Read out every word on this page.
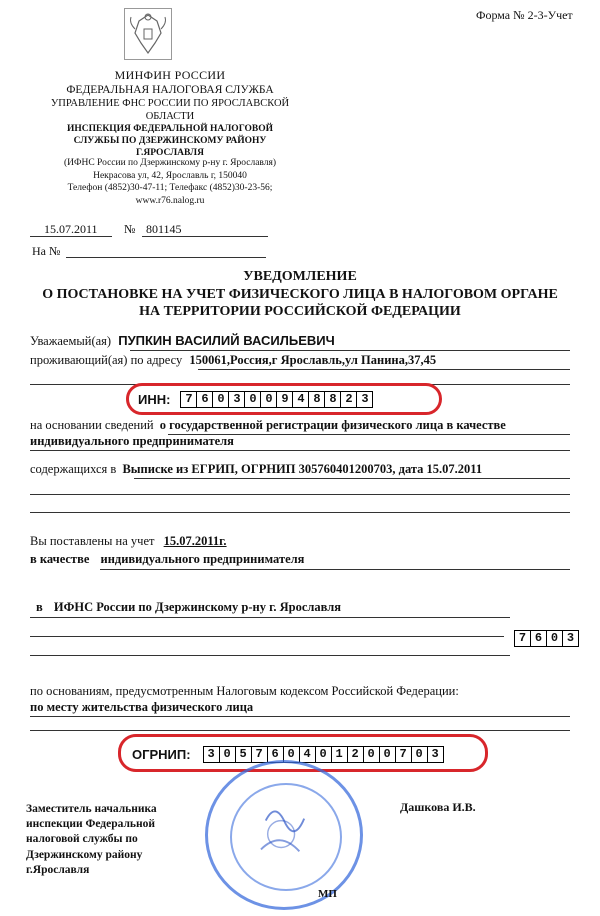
Форма № 2-3-Учет
МИНФИН РОССИИ
ФЕДЕРАЛЬНАЯ НАЛОГОВАЯ СЛУЖБА
УПРАВЛЕНИЕ ФНС РОССИИ ПО ЯРОСЛАВСКОЙ ОБЛАСТИ
ИНСПЕКЦИЯ ФЕДЕРАЛЬНОЙ НАЛОГОВОЙ
СЛУЖБЫ ПО ДЗЕРЖИНСКОМУ РАЙОНУ
Г.ЯРОСЛАВЛЯ
(ИФНС России по Дзержинскому р-ну г. Ярославля)
Некрасова ул, 42, Ярославль г, 150040
Телефон (4852)30-47-11; Телефакс (4852)30-23-56;
www.r76.nalog.ru
15.07.2011 № 801145
На №
УВЕДОМЛЕНИЕ
О ПОСТАНОВКЕ НА УЧЕТ ФИЗИЧЕСКОГО ЛИЦА В НАЛОГОВОМ ОРГАНЕ
НА ТЕРРИТОРИИ РОССИЙСКОЙ ФЕДЕРАЦИИ
Уважаемый(ая) ПУПКИН ВАСИЛИЙ ВАСИЛЬЕВИЧ
проживающий(ая) по адресу 150061,Россия,г Ярославль,ул Панина,37,45
ИНН:	7 6 0 3 0 0 9 4 8 8 2 3
на основании сведений о государственной регистрации физического лица в качестве
индивидуального предпринимателя
содержащихся в Выписке из ЕГРИП, ОГРНИП 305760401200703, дата 15.07.2011
Вы поставлены на учет 15.07.2011г.
в качестве индивидуального предпринимателя
в ИФНС России по Дзержинскому р-ну г. Ярославля
7 6 0 3
по основаниям, предусмотренным Налоговым кодексом Российской Федерации:
по месту жительства физического лица
ОГРНИП:	3 0 5 7 6 0 4 0 1 2 0 0 7 0 3
Заместитель начальника
инспекции Федеральной
налоговой службы по
Дзержинскому району
г.Ярославля
Дашкова И.В.
МП
